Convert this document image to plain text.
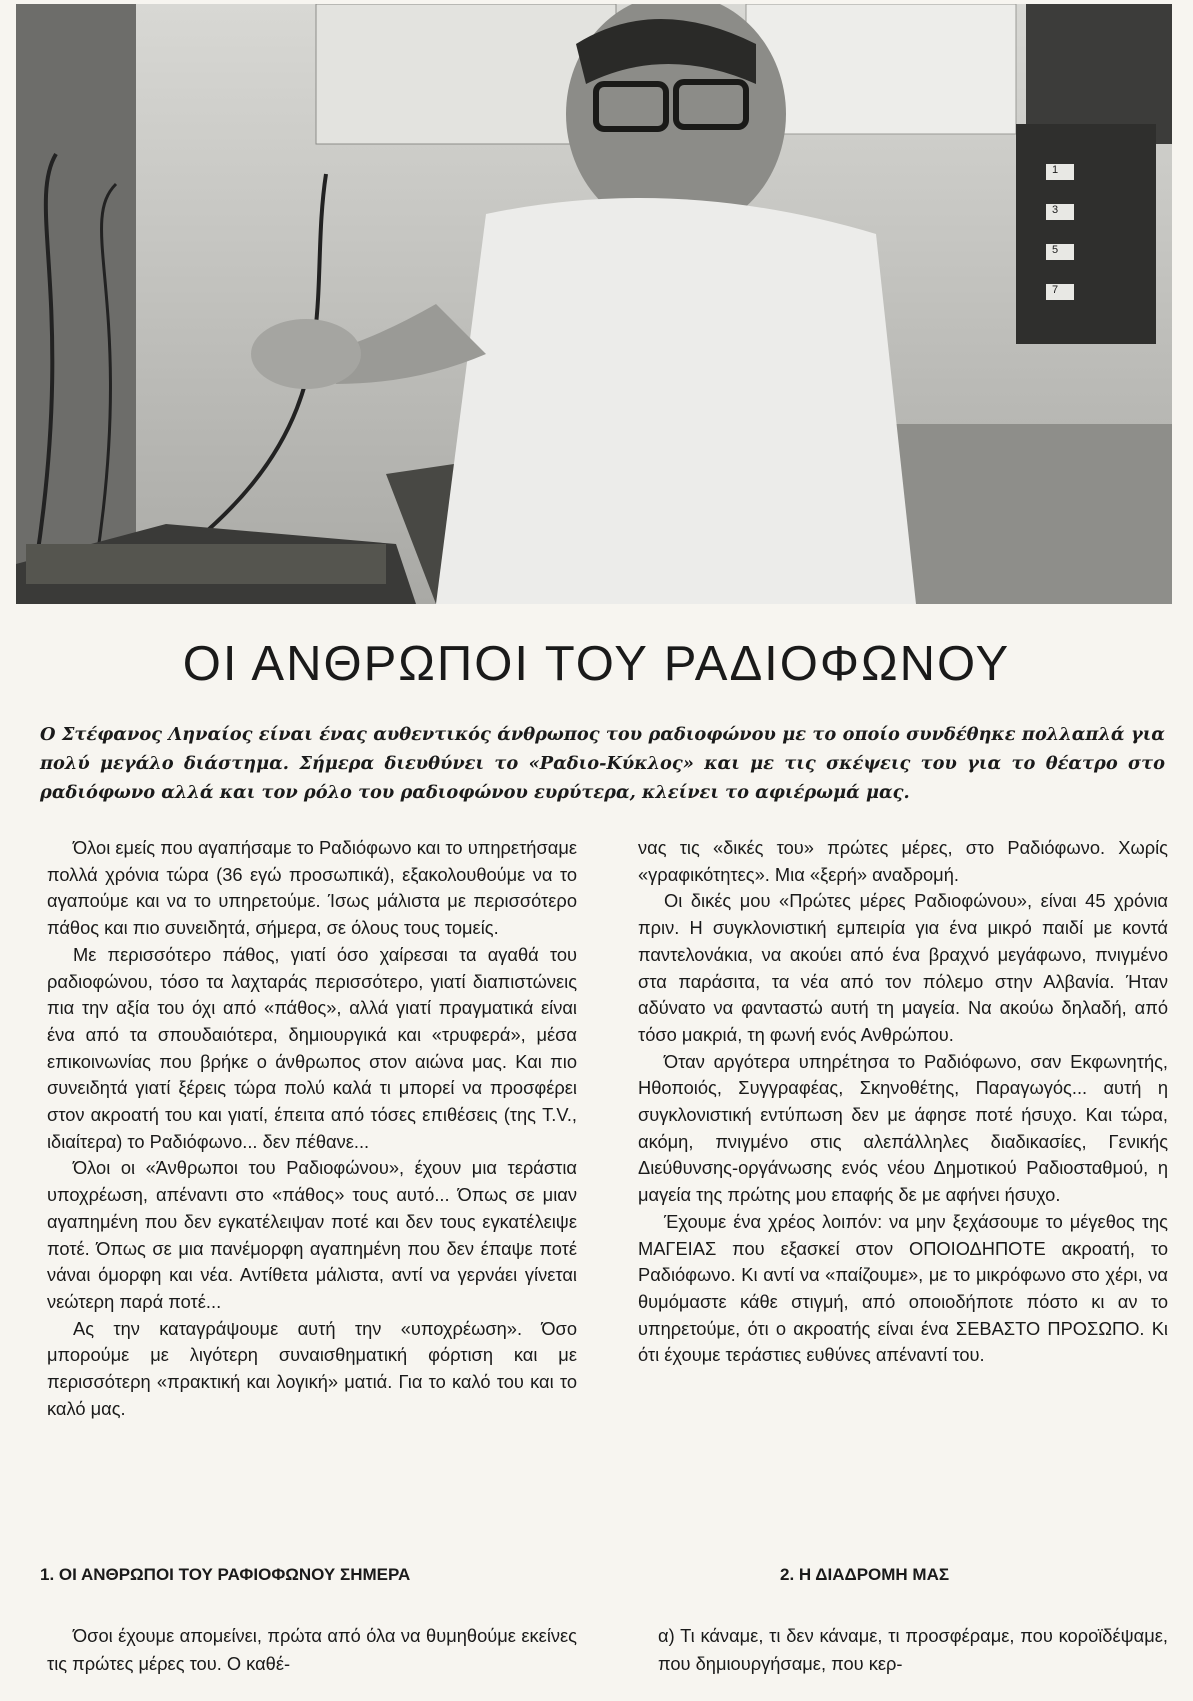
1
3
5
7
ΟΙ ΑΝΘΡΩΠΟΙ ΤΟΥ ΡΑΔΙΟΦΩΝΟΥ
Ο Στέφανος Ληναίος είναι ένας αυθεντικός άνθρωπος του ραδιοφώνου με το οποίο συνδέθηκε πολλαπλά για πολύ μεγάλο διάστημα. Σήμερα διευθύνει το «Ραδιο-Κύκλος» και με τις σκέψεις του για το θέατρο στο ραδιόφωνο αλλά και τον ρόλο του ραδιοφώνου ευρύτερα, κλείνει το αφιέρωμά μας.

Όλοι εμείς που αγαπήσαμε το Ραδιόφωνο και το υπηρετήσαμε πολλά χρόνια τώρα (36 εγώ προσωπικά), εξακολουθούμε να το αγαπούμε και να το υπηρετούμε. Ίσως μάλιστα με περισσότερο πάθος και πιο συνειδητά, σήμερα, σε όλους τους τομείς.

Με περισσότερο πάθος, γιατί όσο χαίρεσαι τα αγαθά του ραδιοφώνου, τόσο τα λαχταράς περισσότερο, γιατί διαπιστώνεις πια την αξία του όχι από «πάθος», αλλά γιατί πραγματικά είναι ένα από τα σπουδαιότερα, δημιουργικά και «τρυφερά», μέσα επικοινωνίας που βρήκε ο άνθρωπος στον αιώνα μας. Και πιο συνειδητά γιατί ξέρεις τώρα πολύ καλά τι μπορεί να προσφέρει στον ακροατή του και γιατί, έπειτα από τόσες επιθέσεις (της T.V., ιδιαίτερα) το Ραδιόφωνο... δεν πέθανε...

Όλοι οι «Άνθρωποι του Ραδιοφώνου», έχουν μια τεράστια υποχρέωση, απέναντι στο «πάθος» τους αυτό... Όπως σε μιαν αγαπημένη που δεν εγκατέλειψαν ποτέ και δεν τους εγκατέλειψε ποτέ. Όπως σε μια πανέμορφη αγαπημένη που δεν έπαψε ποτέ νάναι όμορφη και νέα. Αντίθετα μάλιστα, αντί να γερνάει γίνεται νεώτερη παρά ποτέ...

Ας την καταγράψουμε αυτή την «υποχρέωση». Όσο μπορούμε με λιγότερη συναισθηματική φόρτιση και με περισσότερη «πρακτική και λογική» ματιά. Για το καλό του και το καλό μας.

νας τις «δικές του» πρώτες μέρες, στο Ραδιόφωνο. Χωρίς «γραφικότητες». Μια «ξερή» αναδρομή.

Οι δικές μου «Πρώτες μέρες Ραδιοφώνου», είναι 45 χρόνια πριν. Η συγκλονιστική εμπειρία για ένα μικρό παιδί με κοντά παντελονάκια, να ακούει από ένα βραχνό μεγάφωνο, πνιγμένο στα παράσιτα, τα νέα από τον πόλεμο στην Αλβανία. Ήταν αδύνατο να φανταστώ αυτή τη μαγεία. Να ακούω δηλαδή, από τόσο μακριά, τη φωνή ενός Ανθρώπου.

Όταν αργότερα υπηρέτησα το Ραδιόφωνο, σαν Εκφωνητής, Ηθοποιός, Συγγραφέας, Σκηνοθέτης, Παραγωγός... αυτή η συγκλονιστική εντύπωση δεν με άφησε ποτέ ήσυχο. Και τώρα, ακόμη, πνιγμένο στις αλεπάλληλες διαδικασίες, Γενικής Διεύθυνσης-οργάνωσης ενός νέου Δημοτικού Ραδιοσταθμού, η μαγεία της πρώτης μου επαφής δε με αφήνει ήσυχο.

Έχουμε ένα χρέος λοιπόν: να μην ξεχάσουμε το μέγεθος της ΜΑΓΕΙΑΣ που εξασκεί στον ΟΠΟΙΟΔΗΠΟΤΕ ακροατή, το Ραδιόφωνο. Κι αντί να «παίζουμε», με το μικρόφωνο στο χέρι, να θυμόμαστε κάθε στιγμή, από οποιοδήποτε πόστο κι αν το υπηρετούμε, ότι ο ακροατής είναι ένα ΣΕΒΑΣΤΟ ΠΡΟΣΩΠΟ. Κι ότι έχουμε τεράστιες ευθύνες απέναντί του.

1. ΟΙ ΑΝΘΡΩΠΟΙ ΤΟΥ ΡΑΦΙΟΦΩΝΟΥ ΣΗΜΕΡΑ	2. Η ΔΙΑΔΡΟΜΗ ΜΑΣ

Όσοι έχουμε απομείνει, πρώτα από όλα να θυμηθούμε εκείνες τις πρώτες μέρες του. Ο καθέ-

α) Τι κάναμε, τι δεν κάναμε, τι προσφέραμε, που κοροϊδέψαμε, που δημιουργήσαμε, που κερ-
